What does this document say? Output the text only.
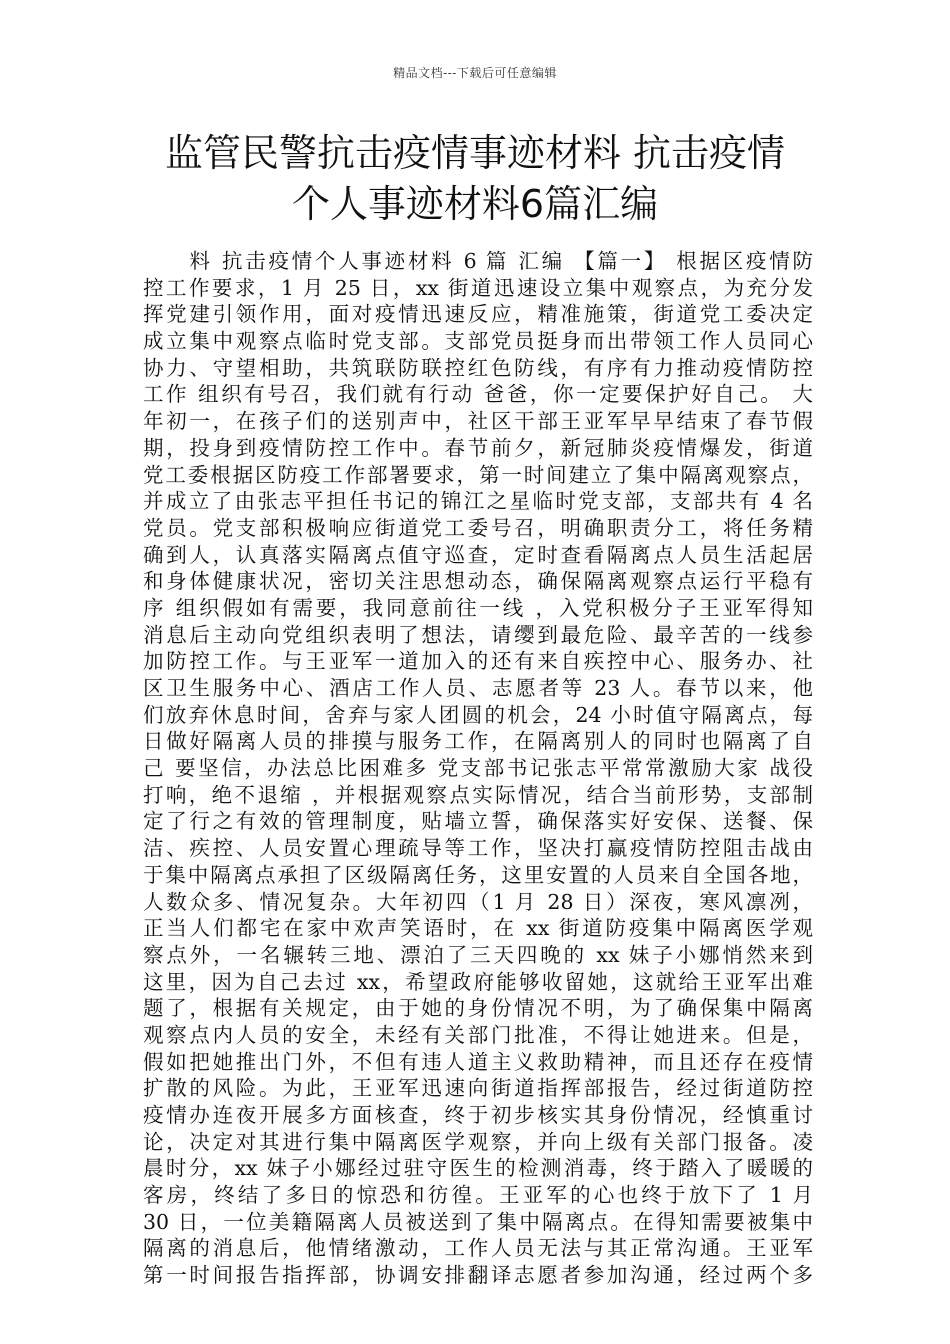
精品文档---下载后可任意编辑
监管民警抗击疫情事迹材料 抗击疫情
个人事迹材料6篇汇编
　　料 抗击疫情个人事迹材料 6 篇 汇编 【篇一】 根据区疫情防
控工作要求，1 月 25 日，xx 街道迅速设立集中观察点，为充分发
挥党建引领作用，面对疫情迅速反应，精准施策，街道党工委决定
成立集中观察点临时党支部。支部党员挺身而出带领工作人员同心
协力、守望相助，共筑联防联控红色防线，有序有力推动疫情防控
工作 组织有号召，我们就有行动 爸爸，你一定要保护好自己。 大
年初一，在孩子们的送别声中，社区干部王亚军早早结束了春节假
期，投身到疫情防控工作中。春节前夕，新冠肺炎疫情爆发，街道
党工委根据区防疫工作部署要求，第一时间建立了集中隔离观察点，
并成立了由张志平担任书记的锦江之星临时党支部，支部共有 4 名
党员。党支部积极响应街道党工委号召，明确职责分工，将任务精
确到人，认真落实隔离点值守巡查，定时查看隔离点人员生活起居
和身体健康状况，密切关注思想动态，确保隔离观察点运行平稳有
序 组织假如有需要，我同意前往一线 ，入党积极分子王亚军得知
消息后主动向党组织表明了想法，请缨到最危险、最辛苦的一线参
加防控工作。与王亚军一道加入的还有来自疾控中心、服务办、社
区卫生服务中心、酒店工作人员、志愿者等 23 人。春节以来，他
们放弃休息时间，舍弃与家人团圆的机会，24 小时值守隔离点，每
日做好隔离人员的排摸与服务工作，在隔离别人的同时也隔离了自
己 要坚信，办法总比困难多 党支部书记张志平常常激励大家 战役
打响，绝不退缩 ，并根据观察点实际情况，结合当前形势，支部制
定了行之有效的管理制度，贴墙立誓，确保落实好安保、送餐、保
洁、疾控、人员安置心理疏导等工作，坚决打赢疫情防控阻击战由
于集中隔离点承担了区级隔离任务，这里安置的人员来自全国各地，
人数众多、情况复杂。大年初四（1 月 28 日）深夜，寒风凛冽，
正当人们都宅在家中欢声笑语时，在 xx 街道防疫集中隔离医学观
察点外，一名辗转三地、漂泊了三天四晚的 xx 妹子小娜悄然来到
这里，因为自己去过 xx，希望政府能够收留她，这就给王亚军出难
题了，根据有关规定，由于她的身份情况不明，为了确保集中隔离
观察点内人员的安全，未经有关部门批准，不得让她进来。但是，
假如把她推出门外，不但有违人道主义救助精神，而且还存在疫情
扩散的风险。为此，王亚军迅速向街道指挥部报告，经过街道防控
疫情办连夜开展多方面核查，终于初步核实其身份情况，经慎重讨
论，决定对其进行集中隔离医学观察，并向上级有关部门报备。凌
晨时分，xx 妹子小娜经过驻守医生的检测消毒，终于踏入了暖暖的
客房，终结了多日的惊恐和彷徨。王亚军的心也终于放下了 1 月
30 日，一位美籍隔离人员被送到了集中隔离点。在得知需要被集中
隔离的消息后，他情绪激动，工作人员无法与其正常沟通。王亚军
第一时间报告指挥部，协调安排翻译志愿者参加沟通，经过两个多
